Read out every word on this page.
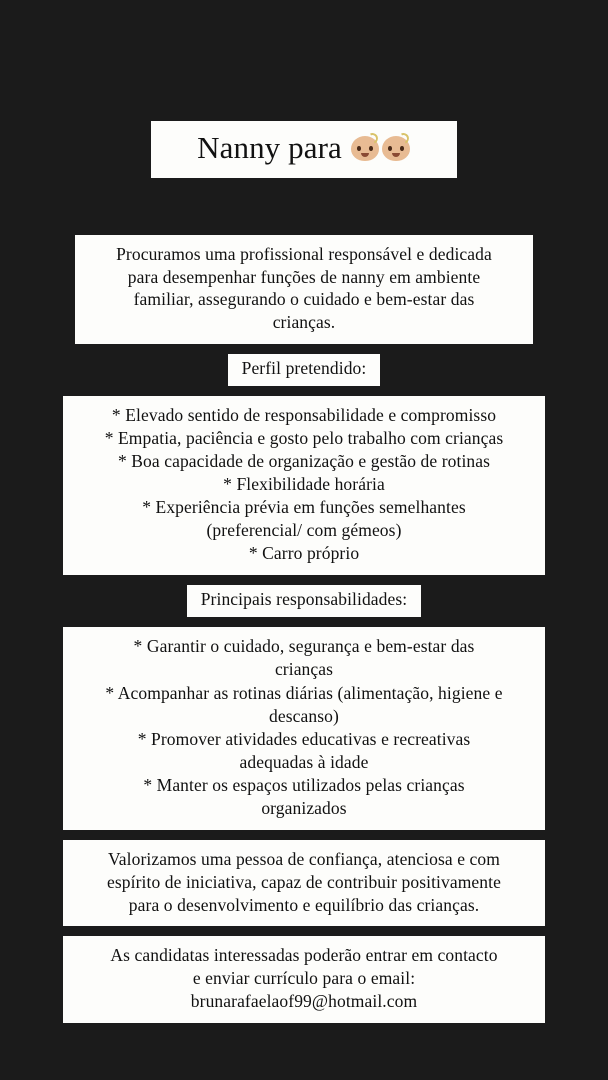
Nanny para
Procuramos uma profissional responsável e dedicada
para desempenhar funções de nanny em ambiente
familiar, assegurando o cuidado e bem-estar das
crianças.
Perfil pretendido:
* Elevado sentido de responsabilidade e compromisso
* Empatia, paciência e gosto pelo trabalho com crianças
* Boa capacidade de organização e gestão de rotinas
* Flexibilidade horária
* Experiência prévia em funções semelhantes
(preferencial/ com gémeos)
* Carro próprio
Principais responsabilidades:
* Garantir o cuidado, segurança e bem-estar das
crianças
* Acompanhar as rotinas diárias (alimentação, higiene e
descanso)
* Promover atividades educativas e recreativas
adequadas à idade
* Manter os espaços utilizados pelas crianças
organizados
Valorizamos uma pessoa de confiança, atenciosa e com
espírito de iniciativa, capaz de contribuir positivamente
para o desenvolvimento e equilíbrio das crianças.
As candidatas interessadas poderão entrar em contacto
e enviar currículo para o email:
brunarafaelaof99@hotmail.com
